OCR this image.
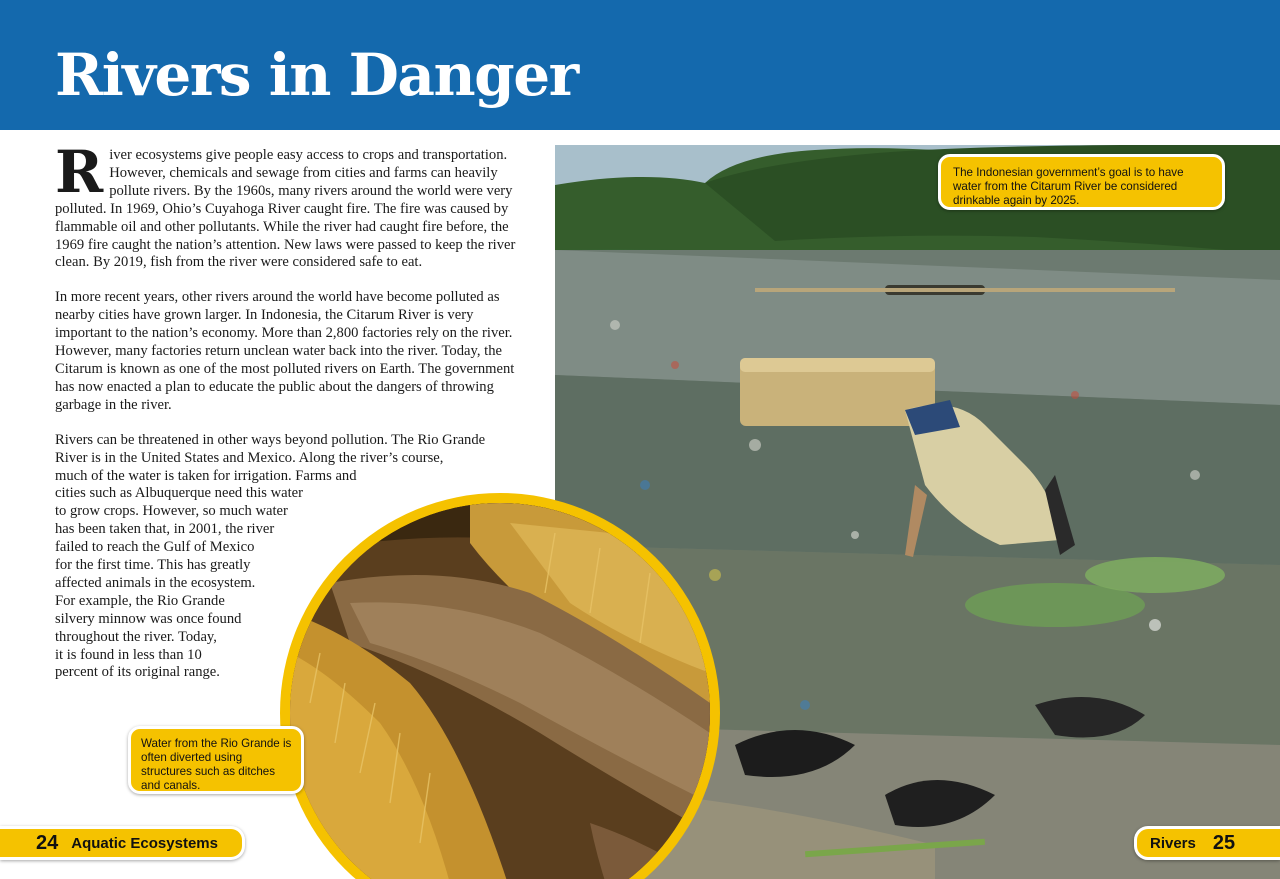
Rivers in Danger
The Indonesian government’s goal is to have water from the Citarum River be considered drinkable again by 2025.

River ecosystems give people easy access to crops and transportation. However, chemicals and sewage from cities and farms can heavily pollute rivers. By the 1960s, many rivers around the world were very polluted. In 1969, Ohio’s Cuyahoga River caught fire. The fire was caused by flammable oil and other pollutants. While the river had caught fire before, the 1969 fire caught the nation’s attention. New laws were passed to keep the river clean. By 2019, fish from the river were considered safe to eat.

In more recent years, other rivers around the world have become polluted as nearby cities have grown larger. In Indonesia, the Citarum River is very important to the nation’s economy. More than 2,800 factories rely on the river. However, many factories return unclean water back into the river. Today, the Citarum is known as one of the most polluted rivers on Earth. The government has now enacted a plan to educate the public about the dangers of throwing garbage in the river.

Rivers can be threatened in other ways beyond pollution. The Rio Grande
River is in the United States and Mexico. Along the river’s course,
much of the water is taken for irrigation. Farms and
cities such as Albuquerque need this water
to grow crops. However, so much water
has been taken that, in 2001, the river
failed to reach the Gulf of Mexico
for the first time. This has greatly
affected animals in the ecosystem.
For example, the Rio Grande
silvery minnow was once found
throughout the river. Today,
it is found in less than 10
percent of its original range.

Water from the Rio Grande is often diverted using structures such as ditches and canals.
24 Aquatic Ecosystems	Rivers 25
